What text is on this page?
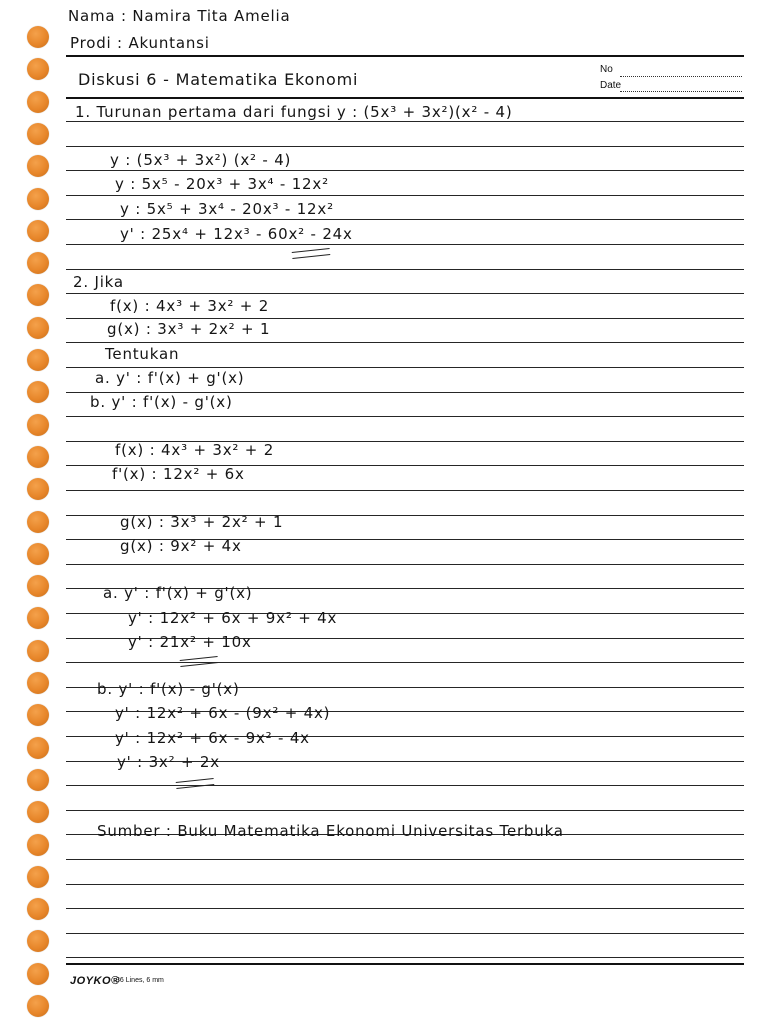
Nama : Namira Tita Amelia
Prodi : Akuntansi
Diskusi 6 - Matematika Ekonomi
No
Date
1. Turunan pertama dari fungsi y : (5x³ + 3x²)(x² - 4)
y : (5x³ + 3x²) (x² - 4)
y : 5x⁵ - 20x³ + 3x⁴ - 12x²
y : 5x⁵ + 3x⁴ - 20x³ - 12x²
y' : 25x⁴ + 12x³ - 60x² - 24x
2. Jika
f(x) : 4x³ + 3x² + 2
g(x) : 3x³ + 2x² + 1
Tentukan
a. y' : f'(x) + g'(x)
b. y' : f'(x) - g'(x)
f(x) : 4x³ + 3x² + 2
f'(x) : 12x² + 6x
g(x) : 3x³ + 2x² + 1
g(x) : 9x² + 4x
a. y' : f'(x) + g'(x)
y' : 12x² + 6x + 9x² + 4x
y' : 21x² + 10x
b. y' : f'(x) - g'(x)
y' : 12x² + 6x - (9x² + 4x)
y' : 12x² + 6x - 9x² - 4x
y' : 3x² + 2x
Sumber : Buku Matematika Ekonomi Universitas Terbuka
JOYKO®
36 Lines, 6 mm
